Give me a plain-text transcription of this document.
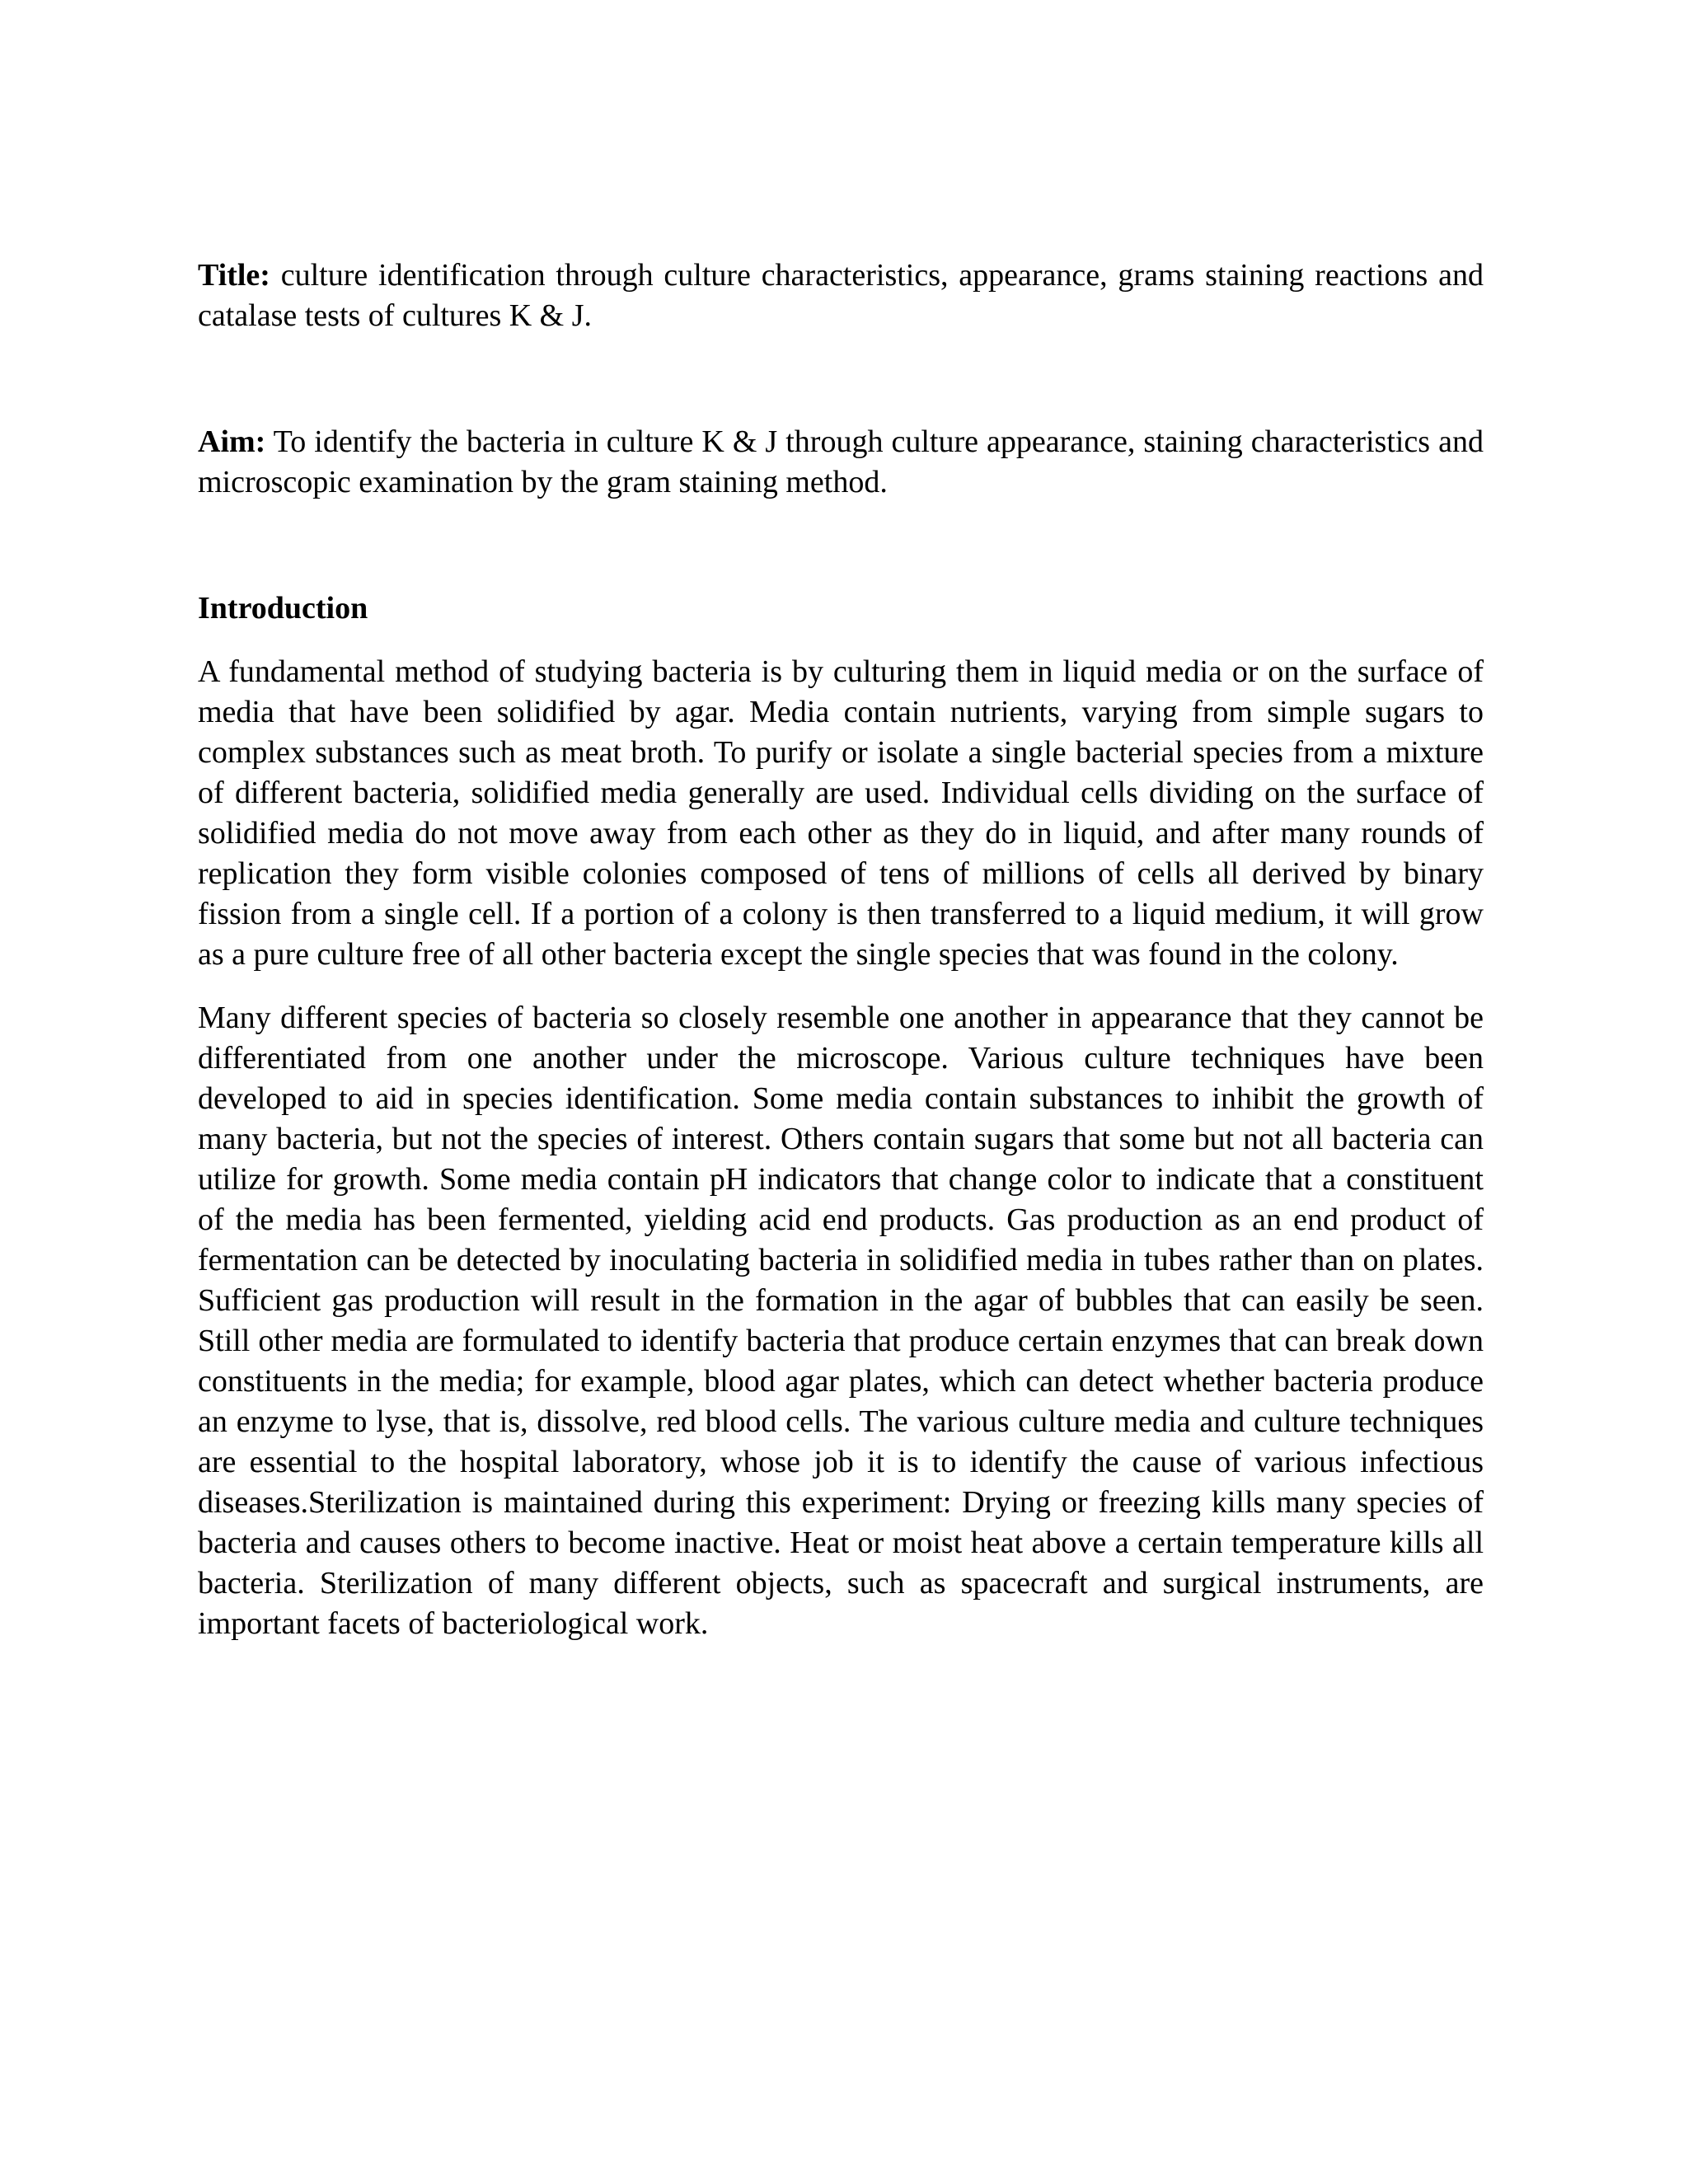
Title: culture identification through culture characteristics, appearance, grams staining reactions and catalase tests of cultures K & J.

Aim: To identify the bacteria in culture K & J through culture appearance, staining characteristics and microscopic examination by the gram staining method.

Introduction

A fundamental method of studying bacteria is by culturing them in liquid media or on the surface of media that have been solidified by agar. Media contain nutrients, varying from simple sugars to complex substances such as meat broth. To purify or isolate a single bacterial species from a mixture of different bacteria, solidified media generally are used. Individual cells dividing on the surface of solidified media do not move away from each other as they do in liquid, and after many rounds of replication they form visible colonies composed of tens of millions of cells all derived by binary fission from a single cell. If a portion of a colony is then transferred to a liquid medium, it will grow as a pure culture free of all other bacteria except the single species that was found in the colony.

Many different species of bacteria so closely resemble one another in appearance that they cannot be differentiated from one another under the microscope. Various culture techniques have been developed to aid in species identification. Some media contain substances to inhibit the growth of many bacteria, but not the species of interest. Others contain sugars that some but not all bacteria can utilize for growth. Some media contain pH indicators that change color to indicate that a constituent of the media has been fermented, yielding acid end products. Gas production as an end product of fermentation can be detected by inoculating bacteria in solidified media in tubes rather than on plates. Sufficient gas production will result in the formation in the agar of bubbles that can easily be seen. Still other media are formulated to identify bacteria that produce certain enzymes that can break down constituents in the media; for example, blood agar plates, which can detect whether bacteria produce an enzyme to lyse, that is, dissolve, red blood cells. The various culture media and culture techniques are essential to the hospital laboratory, whose job it is to identify the cause of various infectious diseases.Sterilization is maintained during this experiment: Drying or freezing kills many species of bacteria and causes others to become inactive. Heat or moist heat above a certain temperature kills all bacteria. Sterilization of many different objects, such as spacecraft and surgical instruments, are important facets of bacteriological work.
